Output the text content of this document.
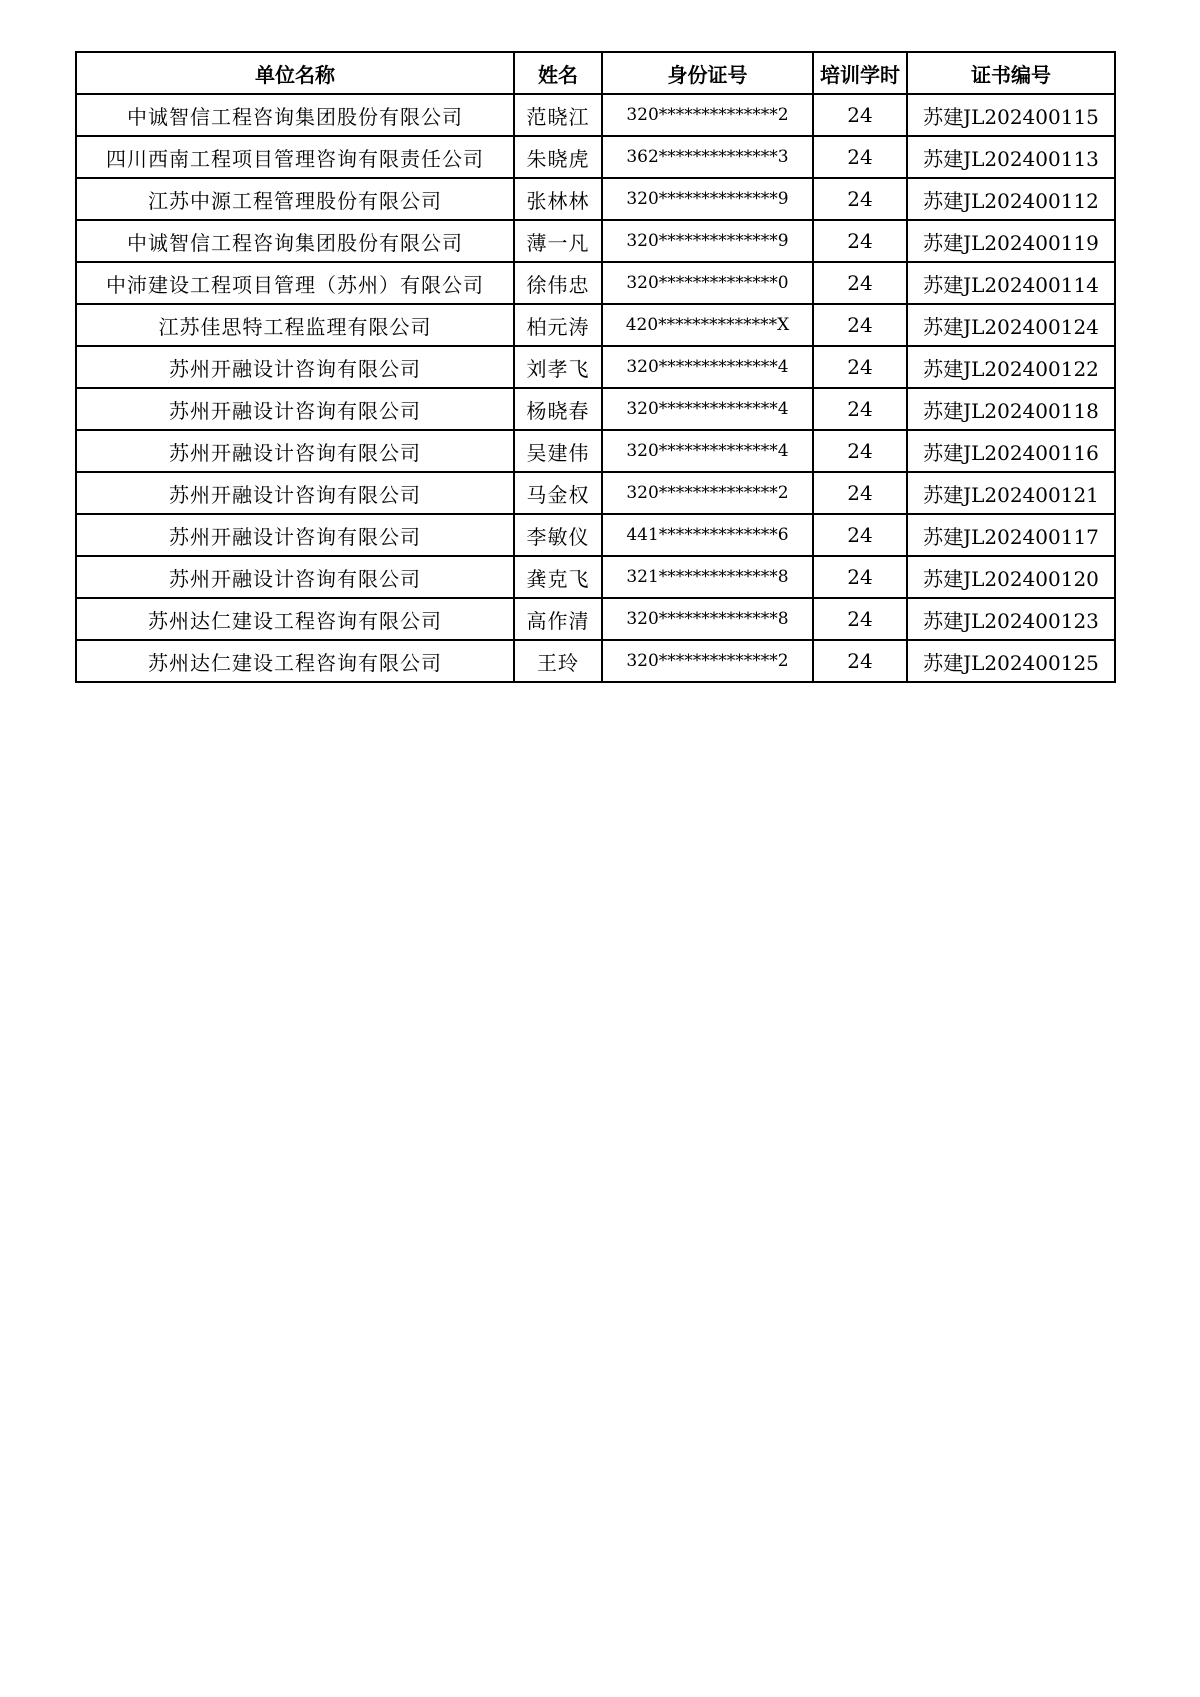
单位名称	姓名	身份证号	培训学时	证书编号
中诚智信工程咨询集团股份有限公司	范晓江	320**************2	24	苏建JL202400115
四川西南工程项目管理咨询有限责任公司	朱晓虎	362**************3	24	苏建JL202400113
江苏中源工程管理股份有限公司	张林林	320**************9	24	苏建JL202400112
中诚智信工程咨询集团股份有限公司	薄一凡	320**************9	24	苏建JL202400119
中沛建设工程项目管理（苏州）有限公司	徐伟忠	320**************0	24	苏建JL202400114
江苏佳思特工程监理有限公司	柏元涛	420**************X	24	苏建JL202400124
苏州开融设计咨询有限公司	刘孝飞	320**************4	24	苏建JL202400122
苏州开融设计咨询有限公司	杨晓春	320**************4	24	苏建JL202400118
苏州开融设计咨询有限公司	吴建伟	320**************4	24	苏建JL202400116
苏州开融设计咨询有限公司	马金权	320**************2	24	苏建JL202400121
苏州开融设计咨询有限公司	李敏仪	441**************6	24	苏建JL202400117
苏州开融设计咨询有限公司	龚克飞	321**************8	24	苏建JL202400120
苏州达仁建设工程咨询有限公司	高作清	320**************8	24	苏建JL202400123
苏州达仁建设工程咨询有限公司	王玲	320**************2	24	苏建JL202400125
